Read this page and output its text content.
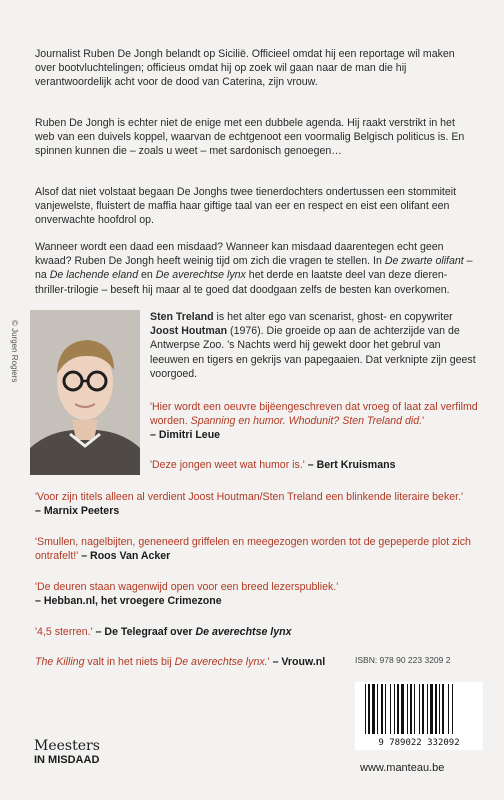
Journalist Ruben De Jongh belandt op Sicilië. Officieel omdat hij een reportage wil maken over bootvluchtelingen; officieus omdat hij op zoek wil gaan naar de man die hij verantwoordelijk acht voor de dood van Caterina, zijn vrouw.

Ruben De Jongh is echter niet de enige met een dubbele agenda. Hij raakt verstrikt in het web van een duivels koppel, waarvan de echtgenoot een voormalig Belgisch politicus is. En spinnen kunnen die – zoals u weet – met sardonisch genoegen…

Alsof dat niet volstaat begaan De Jonghs twee tienerdochters ondertussen een stommiteit vanjewelste, fluistert de maffia haar giftige taal van eer en respect en eist een olifant een onverwachte hoofdrol op.

Wanneer wordt een daad een misdaad? Wanneer kan misdaad daarentegen echt geen kwaad? Ruben De Jongh heeft weinig tijd om zich die vragen te stellen. In De zwarte olifant – na De lachende eland en De averechtse lynx het derde en laatste deel van deze dieren-thriller-trilogie – beseft hij maar al te goed dat doodgaan zelfs de besten kan overkomen.

© Jurgen Rogiers

Sten Treland is het alter ego van scenarist, ghost- en copywriter Joost Houtman (1976). Die groeide op aan de achterzijde van de Antwerpse Zoo. 's Nachts werd hij gewekt door het gebrul van leeuwen en tigers en gekrijs van papegaaien. Dat verknipte zijn geest voorgoed.

'Hier wordt een oeuvre bijëengeschreven dat vroeg of laat zal verfilmd worden. Spanning en humor. Whodunit? Sten Treland did.'
– Dimitri Leue

'Deze jongen weet wat humor is.' – Bert Kruismans

'Voor zijn titels alleen al verdient Joost Houtman/Sten Treland een blinkende literaire beker.'
– Marnix Peeters

'Smullen, nagelbijten, geneneerd griffelen en meegezogen worden tot de gepeperde plot zich ontrafelt!' – Roos Van Acker

'De deuren staan wagenwijd open voor een breed lezerspubliek.'
– Hebban.nl, het vroegere Crimezone

'4,5 sterren.' – De Telegraaf over De averechtse lynx

The Killing valt in het niets bij De averechtse lynx.' – Vrouw.nl	ISBN: 978 90 223 3209 2
9 789022 332092
www.manteau.be
Meesters
IN MISDAAD
